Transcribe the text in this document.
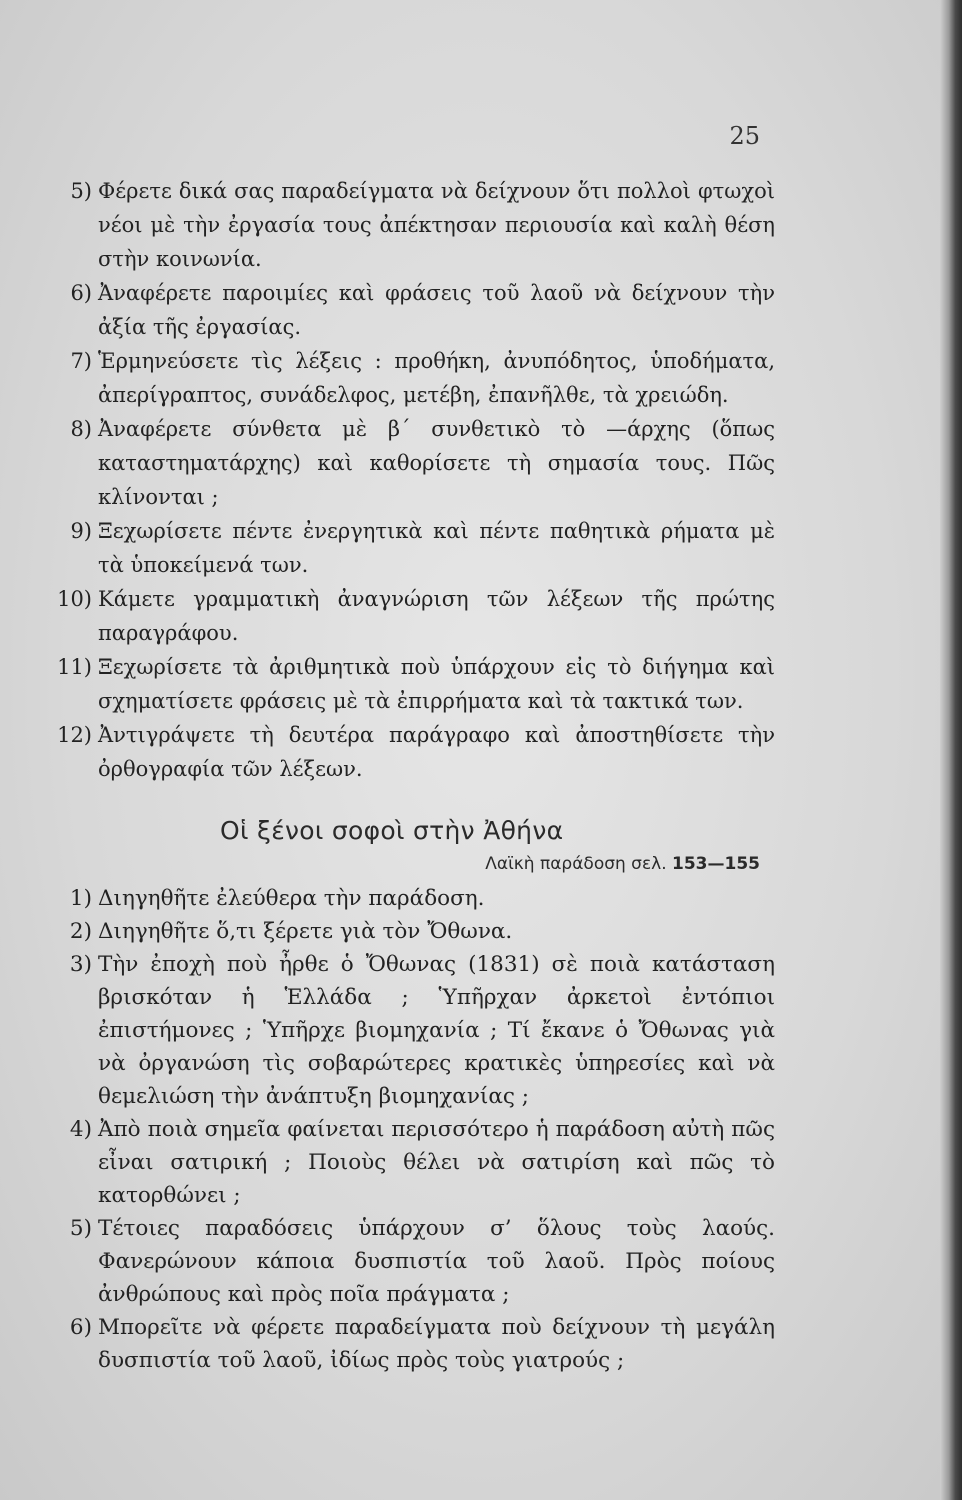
25
5) Φέρετε δικά σας παραδείγματα νὰ δείχνουν ὅτι πολλοὶ φτωχοὶ νέοι μὲ τὴν ἐργασία τους ἀπέκτησαν περιουσία καὶ καλὴ θέση στὴν κοινωνία.
6) Ἀναφέρετε παροιμίες καὶ φράσεις τοῦ λαοῦ νὰ δείχνουν τὴν ἀξία τῆς ἐργασίας.
7) Ἑρμηνεύσετε τὶς λέξεις : προθήκη, ἀνυπόδητος, ὑποδήματα, ἀπερίγραπτος, συνάδελφος, μετέβη, ἐπανῆλθε, τὰ χρειώδη.
8) Ἀναφέρετε σύνθετα μὲ β΄ συνθετικὸ τὸ —άρχης (ὅπως καταστηματάρχης) καὶ καθορίσετε τὴ σημασία τους. Πῶς κλίνονται ;
9) Ξεχωρίσετε πέντε ἐνεργητικὰ καὶ πέντε παθητικὰ ρήματα μὲ τὰ ὑποκείμενά των.
10) Κάμετε γραμματικὴ ἀναγνώριση τῶν λέξεων τῆς πρώτης παραγράφου.
11) Ξεχωρίσετε τὰ ἀριθμητικὰ ποὺ ὑπάρχουν εἰς τὸ διήγημα καὶ σχηματίσετε φράσεις μὲ τὰ ἐπιρρήματα καὶ τὰ τακτικά των.
12) Ἀντιγράψετε τὴ δευτέρα παράγραφο καὶ ἀποστηθίσετε τὴν ὀρθογραφία τῶν λέξεων.
Οἱ ξένοι σοφοὶ στὴν Ἀθήνα
Λαϊκὴ παράδοση σελ. 153—155
1) Διηγηθῆτε ἐλεύθερα τὴν παράδοση.
2) Διηγηθῆτε ὅ,τι ξέρετε γιὰ τὸν Ὄθωνα.
3) Τὴν ἐποχὴ ποὺ ἦρθε ὁ Ὄθωνας (1831) σὲ ποιὰ κατάσταση βρισκόταν ἡ Ἑλλάδα ; Ὑπῆρχαν ἀρκετοὶ ἐντόπιοι ἐπιστήμονες ; Ὑπῆρχε βιομηχανία ; Τί ἔκανε ὁ Ὄθωνας γιὰ νὰ ὀργανώση τὶς σοβαρώτερες κρατικὲς ὑπηρεσίες καὶ νὰ θεμελιώση τὴν ἀνάπτυξη βιομηχανίας ;
4) Ἀπὸ ποιὰ σημεῖα φαίνεται περισσότερο ἡ παράδοση αὐτὴ πῶς εἶναι σατιρική ; Ποιοὺς θέλει νὰ σατιρίση καὶ πῶς τὸ κατορθώνει ;
5) Τέτοιες παραδόσεις ὑπάρχουν σ’ ὅλους τοὺς λαούς. Φανερώνουν κάποια δυσπιστία τοῦ λαοῦ. Πρὸς ποίους ἀνθρώπους καὶ πρὸς ποῖα πράγματα ;
6) Μπορεῖτε νὰ φέρετε παραδείγματα ποὺ δείχνουν τὴ μεγάλη δυσπιστία τοῦ λαοῦ, ἰδίως πρὸς τοὺς γιατρούς ;
